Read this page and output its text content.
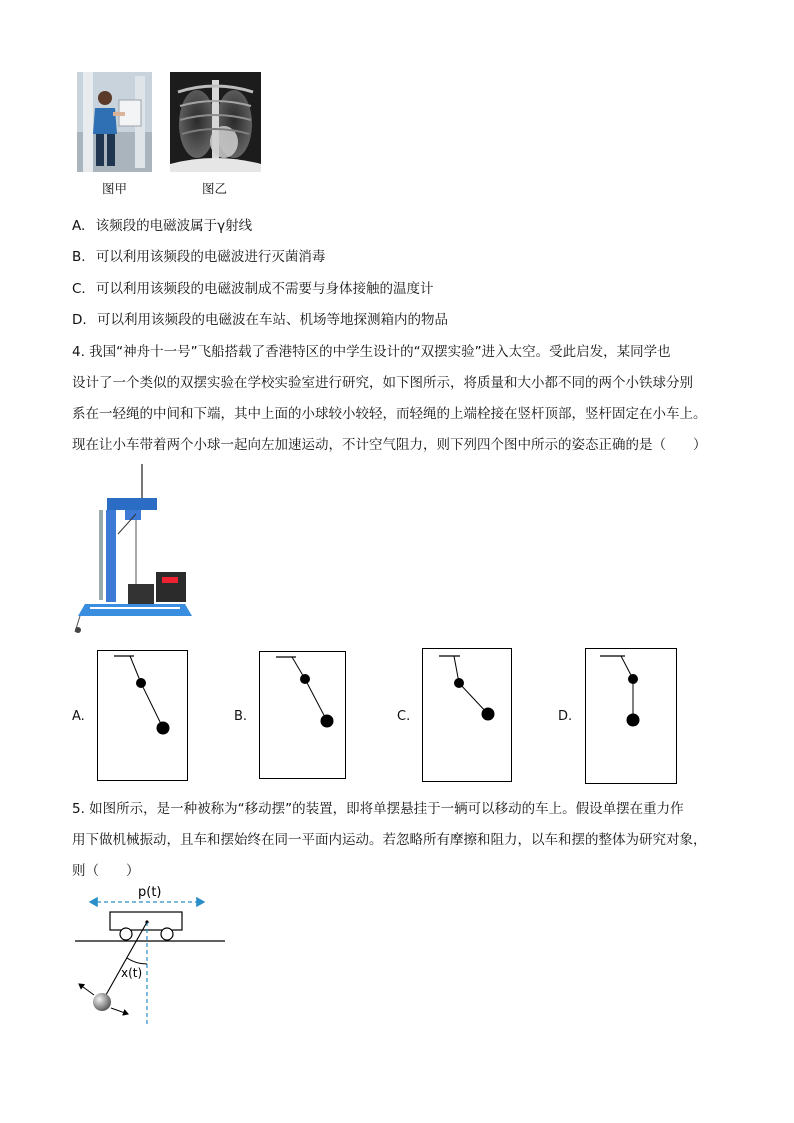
图甲	图乙
A. 该频段的电磁波属于γ射线
B. 可以利用该频段的电磁波进行灭菌消毒
C. 可以利用该频段的电磁波制成不需要与身体接触的温度计
D. 可以利用该频段的电磁波在车站、机场等地探测箱内的物品
4. 我国“神舟十一号”飞船搭载了香港特区的中学生设计的“双摆实验”进入太空。受此启发，某同学也
设计了一个类似的双摆实验在学校实验室进行研究，如下图所示，将质量和大小都不同的两个小铁球分别
系在一轻绳的中间和下端，其中上面的小球较小较轻，而轻绳的上端栓接在竖杆顶部，竖杆固定在小车上。
现在让小车带着两个小球一起向左加速运动，不计空气阻力，则下列四个图中所示的姿态正确的是（　　）
A.	B.	C.	D.
5. 如图所示，是一种被称为“移动摆”的装置，即将单摆悬挂于一辆可以移动的车上。假设单摆在重力作
用下做机械振动，且车和摆始终在同一平面内运动。若忽略所有摩擦和阻力，以车和摆的整体为研究对象，
则（　　）
p(t)
x(t)
